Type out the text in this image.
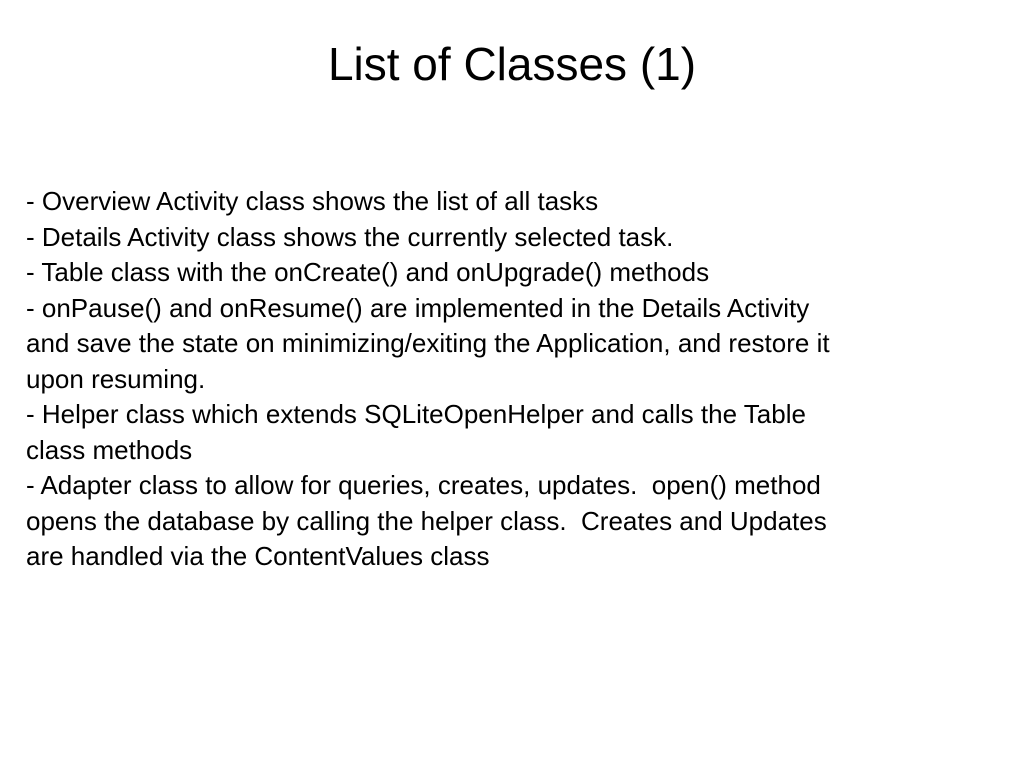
List of Classes (1)
- Overview Activity class shows the list of all tasks
- Details Activity class shows the currently selected task.
- Table class with the onCreate() and onUpgrade() methods
- onPause() and onResume() are implemented in the Details Activity
and save the state on minimizing/exiting the Application, and restore it
upon resuming.
- Helper class which extends SQLiteOpenHelper and calls the Table
class methods
- Adapter class to allow for queries, creates, updates.  open() method
opens the database by calling the helper class.  Creates and Updates
are handled via the ContentValues class
